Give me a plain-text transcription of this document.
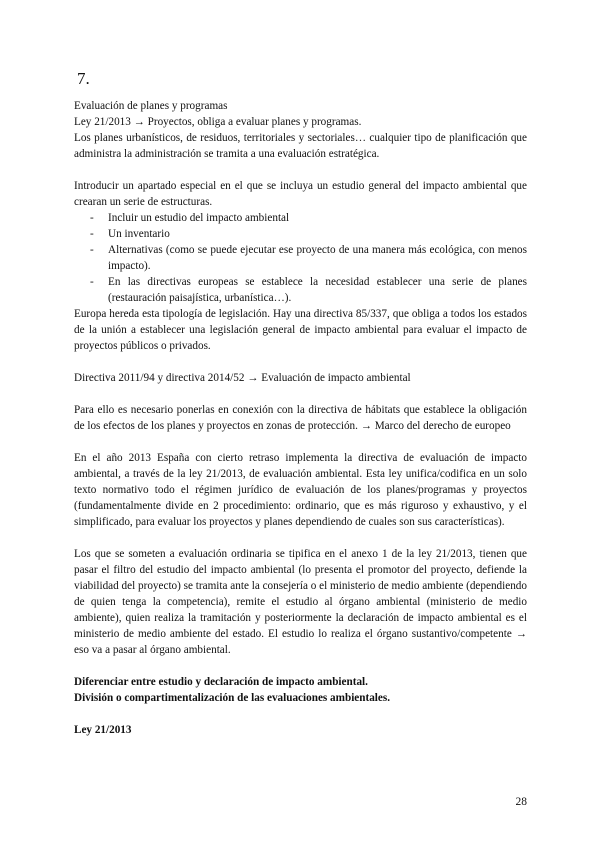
7.

Evaluación de planes y programas

Ley 21/2013 → Proyectos, obliga a evaluar planes y programas.

Los planes urbanísticos, de residuos, territoriales y sectoriales… cualquier tipo de planificación que administra la administración se tramita a una evaluación estratégica.

Introducir un apartado especial en el que se incluya un estudio general del impacto ambiental que crearan un serie de estructuras.

- Incluir un estudio del impacto ambiental
- Un inventario
- Alternativas (como se puede ejecutar ese proyecto de una manera más ecológica, con menos impacto).
- En las directivas europeas se establece la necesidad establecer una serie de planes (restauración paisajística, urbanística…).

Europa hereda esta tipología de legislación. Hay una directiva 85/337, que obliga a todos los estados de la unión a establecer una legislación general de impacto ambiental para evaluar el impacto de proyectos públicos o privados.

Directiva 2011/94 y directiva 2014/52 → Evaluación de impacto ambiental

Para ello es necesario ponerlas en conexión con la directiva de hábitats que establece la obligación de los efectos de los planes y proyectos en zonas de protección. → Marco del derecho de europeo

En el año 2013 España con cierto retraso implementa la directiva de evaluación de impacto ambiental, a través de la ley 21/2013, de evaluación ambiental. Esta ley unifica/codifica en un solo texto normativo todo el régimen jurídico de evaluación de los planes/programas y proyectos (fundamentalmente divide en 2 procedimiento: ordinario, que es más riguroso y exhaustivo, y el simplificado, para evaluar los proyectos y planes dependiendo de cuales son sus características).

Los que se someten a evaluación ordinaria se tipifica en el anexo 1 de la ley 21/2013, tienen que pasar el filtro del estudio del impacto ambiental (lo presenta el promotor del proyecto, defiende la viabilidad del proyecto) se tramita ante la consejería o el ministerio de medio ambiente (dependiendo de quien tenga la competencia), remite el estudio al órgano ambiental (ministerio de medio ambiente), quien realiza la tramitación y posteriormente la declaración de impacto ambiental es el ministerio de medio ambiente del estado. El estudio lo realiza el órgano sustantivo/competente → eso va a pasar al órgano ambiental.

Diferenciar entre estudio y declaración de impacto ambiental.

División o compartimentalización de las evaluaciones ambientales.

Ley 21/2013

28
